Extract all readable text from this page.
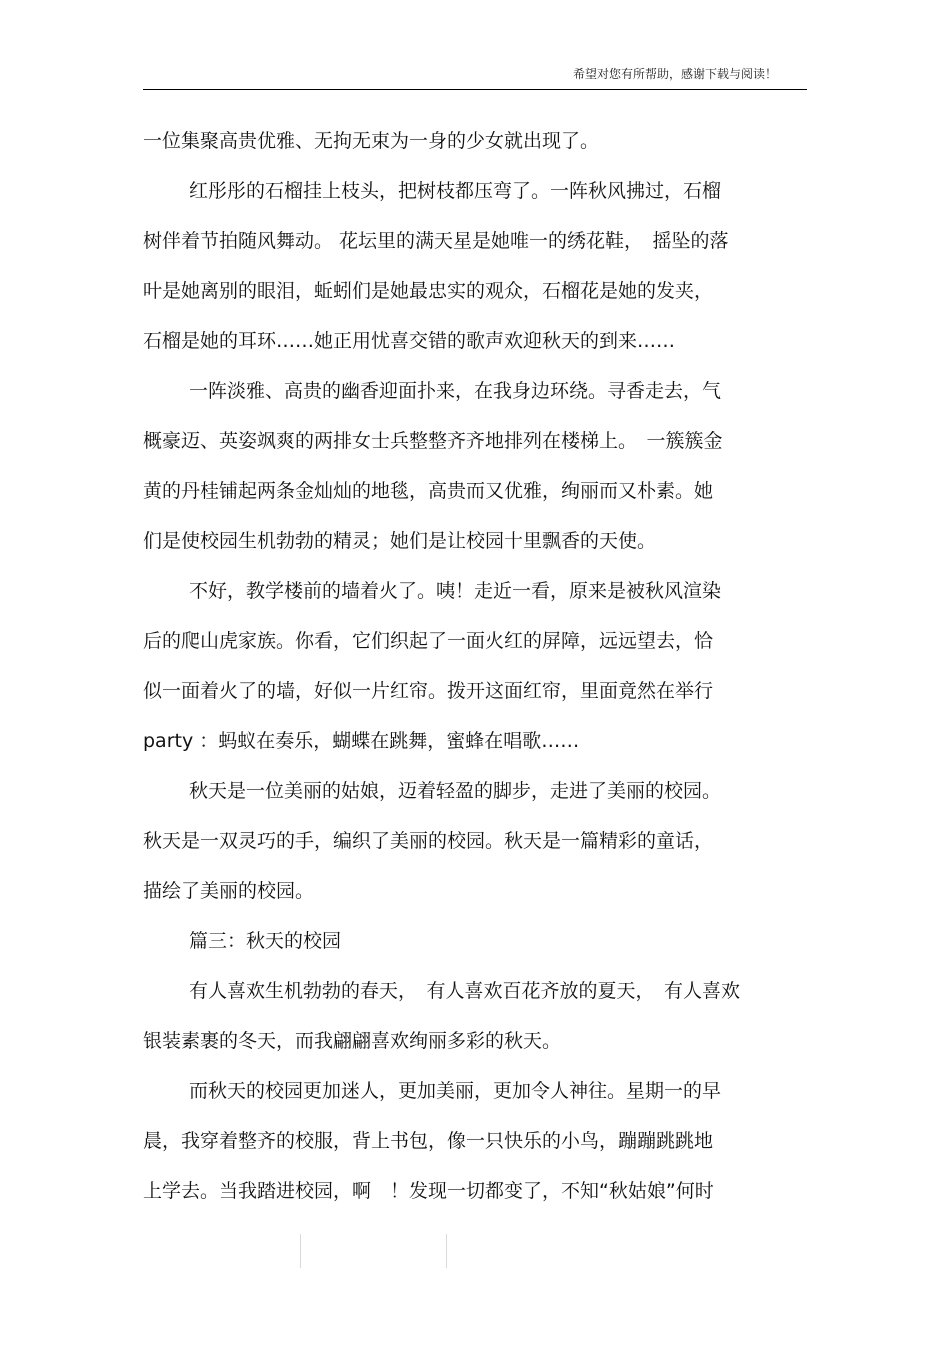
希望对您有所帮助，感谢下载与阅读！
一位集聚高贵优雅、无拘无束为一身的少女就出现了。
红彤彤的石榴挂上枝头，把树枝都压弯了。一阵秋风拂过，石榴
树伴着节拍随风舞动。 花坛里的满天星是她唯一的绣花鞋，　摇坠的落
叶是她离别的眼泪，蚯蚓们是她最忠实的观众，石榴花是她的发夹，
石榴是她的耳环……她正用忧喜交错的歌声欢迎秋天的到来……
一阵淡雅、高贵的幽香迎面扑来，在我身边环绕。寻香走去，气
概豪迈、英姿飒爽的两排女士兵整整齐齐地排列在楼梯上。　一簇簇金
黄的丹桂铺起两条金灿灿的地毯，高贵而又优雅，绚丽而又朴素。她
们是使校园生机勃勃的精灵；她们是让校园十里飘香的天使。
不好，教学楼前的墙着火了。咦！走近一看，原来是被秋风渲染
后的爬山虎家族。你看，它们织起了一面火红的屏障，远远望去，恰
似一面着火了的墙，好似一片红帘。拨开这面红帘，里面竟然在举行
party ：蚂蚁在奏乐，蝴蝶在跳舞，蜜蜂在唱歌……
秋天是一位美丽的姑娘，迈着轻盈的脚步，走进了美丽的校园。
秋天是一双灵巧的手，编织了美丽的校园。秋天是一篇精彩的童话，
描绘了美丽的校园。
篇三：秋天的校园
有人喜欢生机勃勃的春天，　有人喜欢百花齐放的夏天，　有人喜欢
银装素裹的冬天，而我翩翩喜欢绚丽多彩的秋天。
而秋天的校园更加迷人，更加美丽，更加令人神往。星期一的早
晨，我穿着整齐的校服，背上书包，像一只快乐的小鸟，蹦蹦跳跳地
上学去。当我踏进校园，啊　！发现一切都变了，不知“秋姑娘”何时
